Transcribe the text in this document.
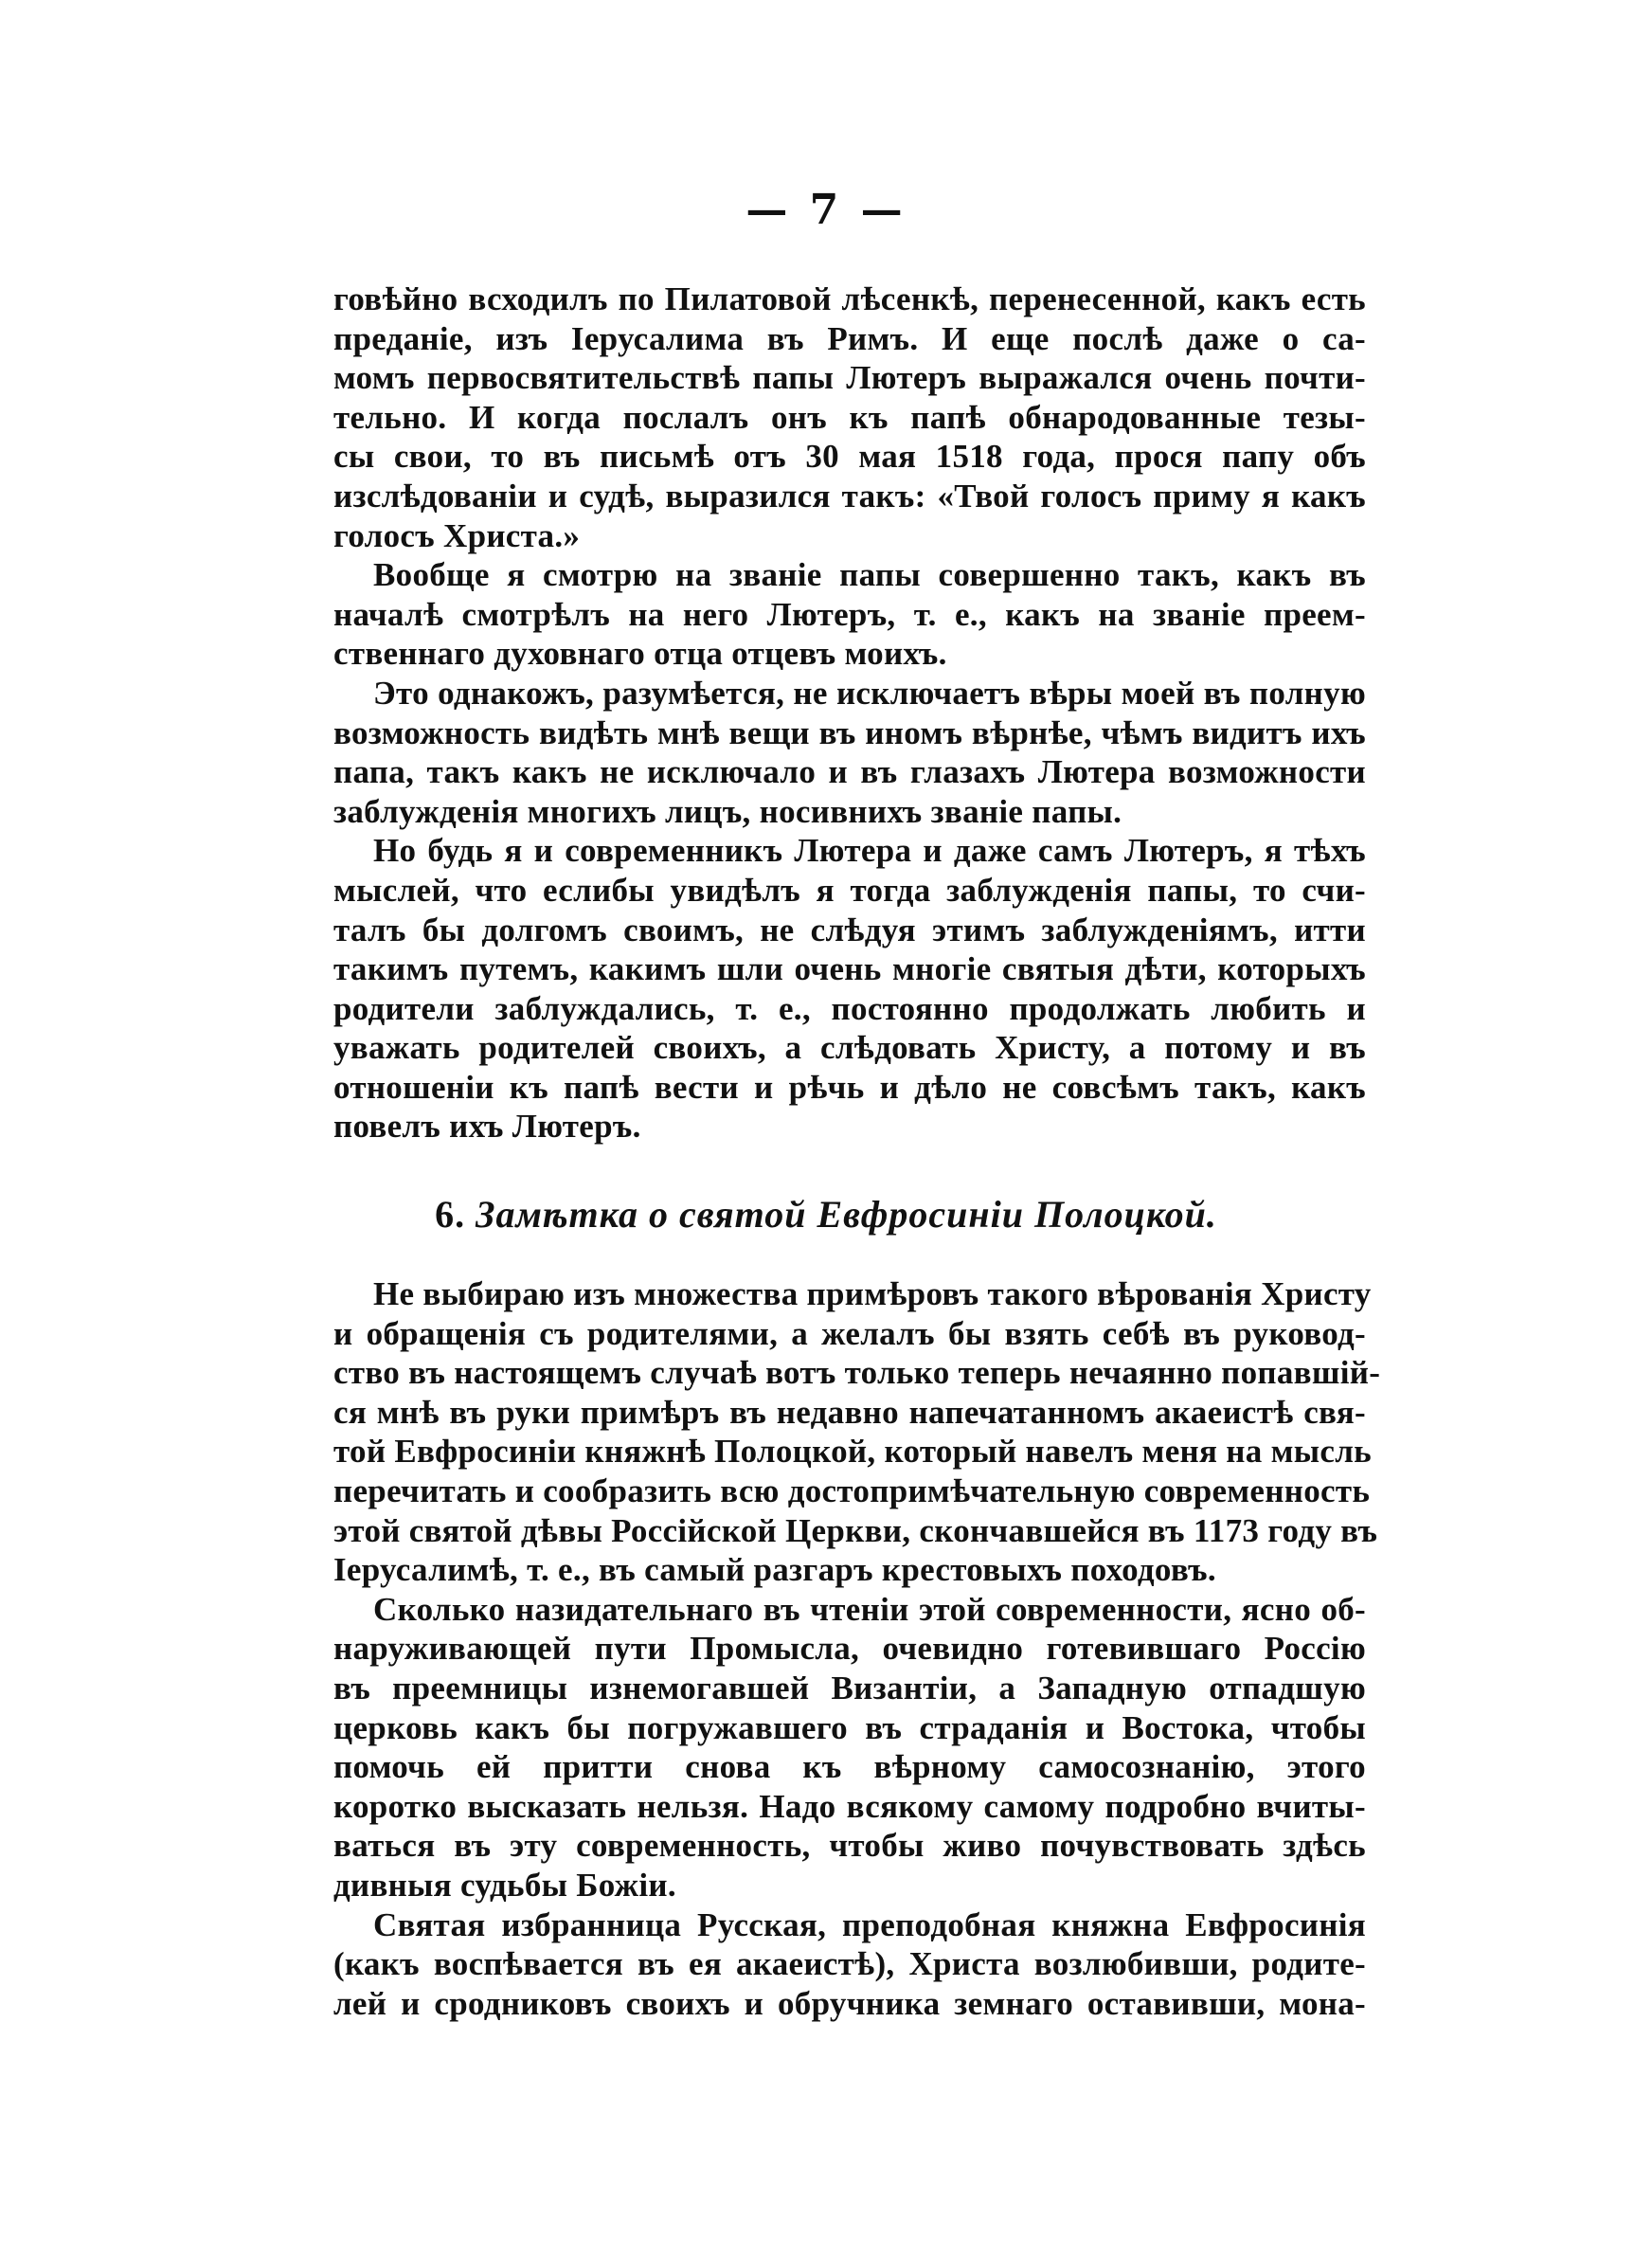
— 7 —
говѣйно всходилъ по Пилатовой лѣсенкѣ, перенесенной, какъ есть
преданіе, изъ Іерусалима въ Римъ. И еще послѣ даже о са-
момъ первосвятительствѣ папы Лютеръ выражался очень почти-
тельно. И когда послалъ онъ къ папѣ обнародованные тезы-
сы свои, то въ письмѣ отъ 30 мая 1518 года, прося папу объ
изслѣдованіи и судѣ, выразился такъ: «Твой голосъ приму я какъ
голосъ Христа.»
Вообще я смотрю на званіе папы совершенно такъ, какъ въ
началѣ смотрѣлъ на него Лютеръ, т. е., какъ на званіе преем-
ственнаго духовнаго отца отцевъ моихъ.
Это однакожъ, разумѣется, не исключаетъ вѣры моей въ полную
возможность видѣть мнѣ вещи въ иномъ вѣрнѣе, чѣмъ видитъ ихъ
папа, такъ какъ не исключало и въ глазахъ Лютера возможности
заблужденія многихъ лицъ, носивнихъ званіе папы.
Но будь я и современникъ Лютера и даже самъ Лютеръ, я тѣхъ
мыслей, что еслибы увидѣлъ я тогда заблужденія папы, то счи-
талъ бы долгомъ своимъ, не слѣдуя этимъ заблужденіямъ, итти
такимъ путемъ, какимъ шли очень многіе святыя дѣти, которыхъ
родители заблуждались, т. е., постоянно продолжать любить и
уважать родителей своихъ, а слѣдовать Христу, а потому и въ
отношеніи къ папѣ вести и рѣчь и дѣло не совсѣмъ такъ, какъ
повелъ ихъ Лютеръ.
6. Замѣтка о святой Евфросиніи Полоцкой.
Не выбираю изъ множества примѣровъ такого вѣрованія Христу
и обращенія съ родителями, а желалъ бы взять себѣ въ руковод-
ство въ настоящемъ случаѣ вотъ только теперь нечаянно попавшій-
ся мнѣ въ руки примѣръ въ недавно напечатанномъ акаеистѣ свя-
той Евфросиніи княжнѣ Полоцкой, который навелъ меня на мысль
перечитать и сообразить всю достопримѣчательную современность
этой святой дѣвы Россійской Церкви, скончавшейся въ 1173 году въ
Іерусалимѣ, т. е., въ самый разгаръ крестовыхъ походовъ.
Сколько назидательнаго въ чтеніи этой современности, ясно об-
наруживающей пути Промысла, очевидно готевившаго Россію
въ преемницы изнемогавшей Византіи, а Западную отпадшую
церковь какъ бы погружавшего въ страданія и Востока, чтобы
помочь ей притти снова къ вѣрному самосознанію, этого
коротко высказать нельзя. Надо всякому самому подробно вчиты-
ваться въ эту современность, чтобы живо почувствовать здѣсь
дивныя судьбы Божіи.
Святая избранница Русская, преподобная княжна Евфросинія
(какъ воспѣвается въ ея акаеистѣ), Христа возлюбивши, родите-
лей и сродниковъ своихъ и обручника земнаго оставивши, мона-
